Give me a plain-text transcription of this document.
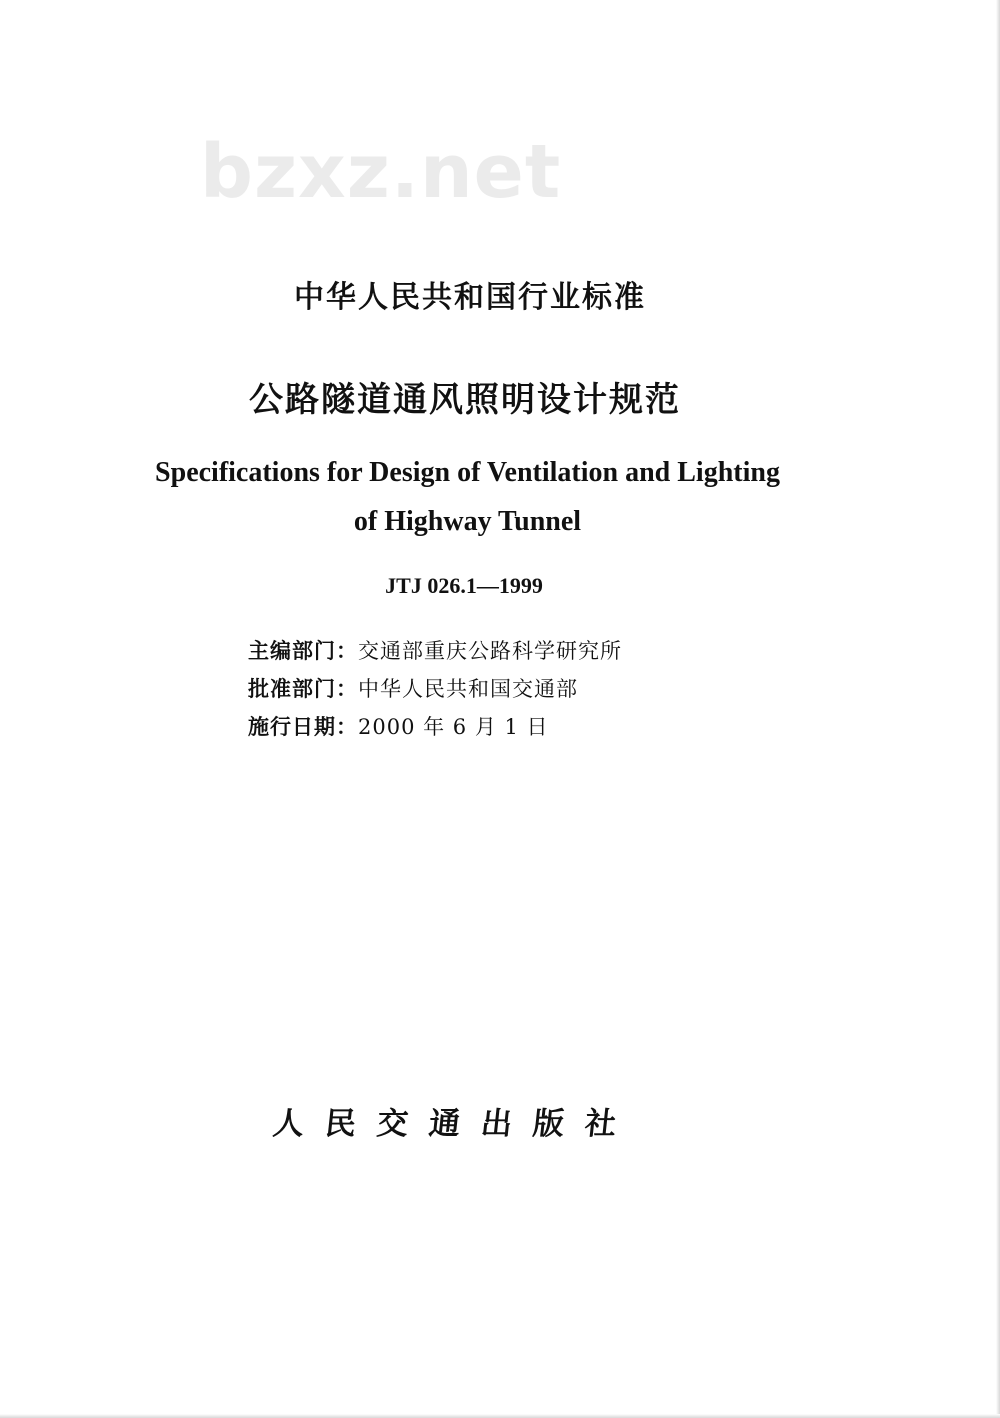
bzxz.net
中华人民共和国行业标准
公路隧道通风照明设计规范
Specifications for Design of Ventilation and Lighting
of Highway Tunnel
JTJ 026.1—1999
主编部门：交通部重庆公路科学研究所
批准部门：中华人民共和国交通部
施行日期：2000 年 6 月 1 日
人民交通出版社
